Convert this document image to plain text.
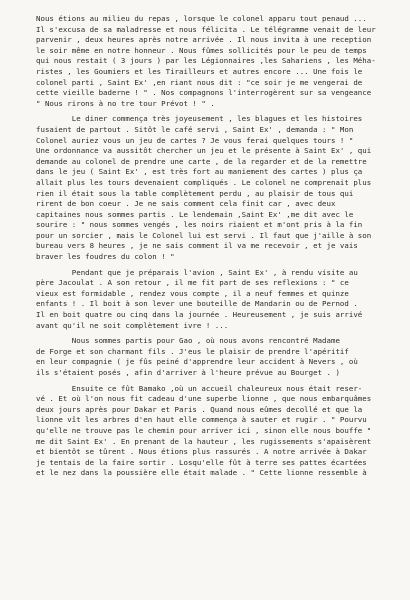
Nous étions au milieu du repas , lorsque le colonel apparu tout penaud ...
Il s'excusa de sa maladresse et nous félicita . Le télégramme venait de leur
parvenir , deux heures après notre arrivée . Il nous invita à une reception
le soir même en notre honneur . Nous fûmes sollicités pour le peu de temps
qui nous restait ( 3 jours ) par les Légionnaires ,les Sahariens , les Méha-
ristes , les Goumiers et les Tirailleurs et autres encore ... Une fois le
colonel parti , Saint Ex' ,en riant nous dit : "ce soir je me vengerai de
cette vieille baderne ! " . Nos compagnons l'interrogèrent sur sa vengeance
" Nous rirons à no tre tour Prévot ! " .
Le diner commença très joyeusement , les blagues et les histoires
fusaient de partout . Sitôt le café servi , Saint Ex' , demanda : " Mon
Colonel auriez vous un jeu de cartes ? Je vous ferai quelques tours ! "
Une ordonnance va aussitôt chercher un jeu et le présente à Saint Ex' , qui
demande au colonel de prendre une carte , de la regarder et de la remettre
dans le jeu ( Saint Ex' , est très fort au maniement des cartes ) plus ça
allait plus les tours devenaient compliqués . Le colonel ne comprenait plus
rien il était sous la table complètement perdu , au plaisir de tous qui
rirent de bon coeur . Je ne sais comment cela finit car , avec deux
capitaines nous sommes partis . Le lendemain ,Saint Ex' ,me dit avec le
sourire : " nous sommes vengés , les noirs riaient et m'ont pris à la fin
pour un sorcier , mais le Colonel lui est servi . Il faut que j'aille à son
bureau vers 8 heures , je ne sais comment il va me recevoir , et je vais
braver les foudres du colon ! "
Pendant que je préparais l'avion , Saint Ex' , à rendu visite au
père Jacoulat . A son retour , il me fit part de ses reflexions : " ce
vieux est formidable , rendez vous compte , il a neuf femmes et quinze
enfants ! . Il boit à son lever une bouteille de Mandarin ou de Pernod .
Il en boit quatre ou cinq dans la journée . Heureusement , je suis arrivé
avant qu'il ne soit complètement ivre ! ...
Nous sommes partis pour Gao , où nous avons rencontré Madame
de Forge et son charmant fils . J'eus le plaisir de prendre l'apéritif
en leur compagnie ( je fûs peiné d'apprendre leur accident à Nevers , où
ils s'étaient posés , afin d'arriver à l'heure prévue au Bourget . )
Ensuite ce fût Bamako ,où un accueil chaleureux nous était reser-
vé . Et où l'on nous fit cadeau d'une superbe lionne , que nous embarquâmes
deux jours après pour Dakar et Paris . Quand nous eûmes decollé et que la
lionne vît les arbres d'en haut elle commença à sauter et rugir . " Pourvu
qu'elle ne trouve pas le chemin pour arriver ici , sinon elle nous bouffe "
me dit Saint Ex' . En prenant de la hauteur , les rugissements s'apaisèrent
et bientôt se tûrent . Nous étions plus rassurés . A notre arrivée à Dakar
je tentais de la faire sortir . Losqu'elle fût à terre ses pattes écartées
et le nez dans la poussière elle était malade . " Cette lionne ressemble à
